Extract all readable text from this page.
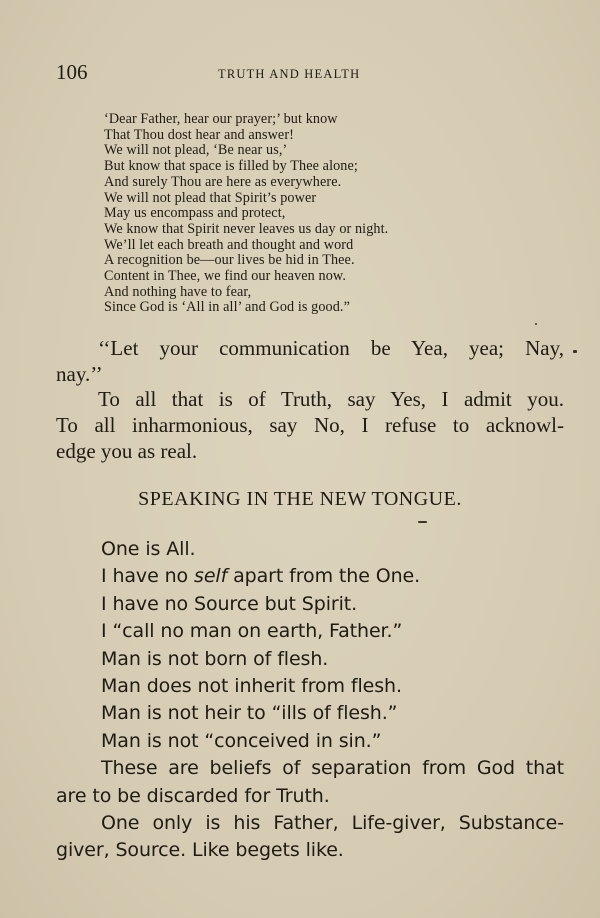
106	TRUTH AND HEALTH
‘Dear Father, hear our prayer;’ but know
That Thou dost hear and answer!
We will not plead, ‘Be near us,’
But know that space is filled by Thee alone;
And surely Thou are here as everywhere.
We will not plead that Spirit’s power
May us encompass and protect,
We know that Spirit never leaves us day or night.
We’ll let each breath and thought and word
A recognition be—our lives be hid in Thee.
Content in Thee, we find our heaven now.
And nothing have to fear,
Since God is ‘All in all’ and God is good.”

‘‘Let your communication be Yea, yea; Nay,

nay.’’

To all that is of Truth, say Yes, I admit you.

To all inharmonious, say No, I refuse to acknowl-

edge you as real.

SPEAKING IN THE NEW TONGUE.
One is All.
I have no self apart from the One.
I have no Source but Spirit.
I “call no man on earth, Father.”
Man is not born of flesh.
Man does not inherit from flesh.
Man is not heir to “ills of flesh.”
Man is not “conceived in sin.”

These are beliefs of separation from God that

are to be discarded for Truth.

One only is his Father, Life-giver, Substance-

giver, Source. Like begets like.
